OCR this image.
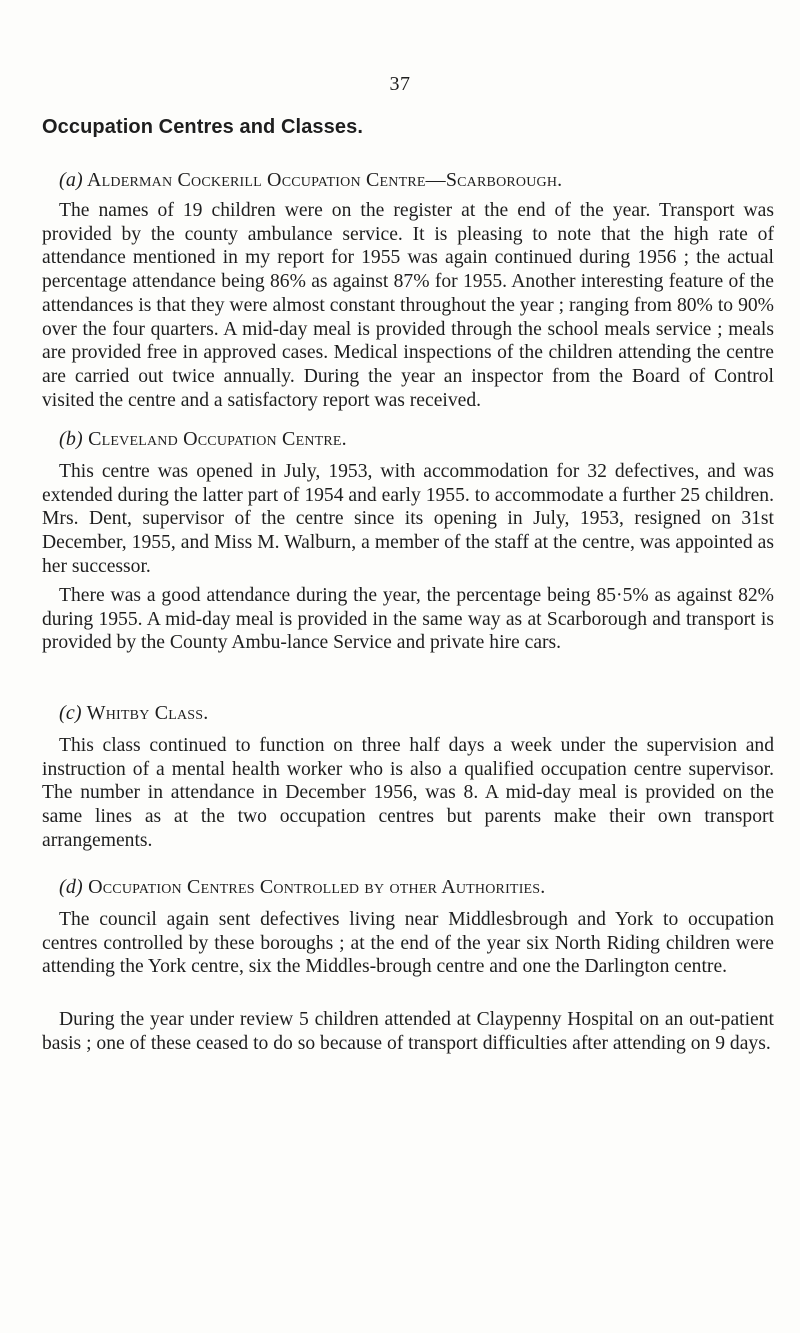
37
Occupation Centres and Classes.
(a) Alderman Cockerill Occupation Centre—Scarborough.

The names of 19 children were on the register at the end of the year. Transport was provided by the county ambulance service. It is pleasing to note that the high rate of attendance mentioned in my report for 1955 was again continued during 1956 ; the actual percentage attendance being 86% as against 87% for 1955. Another interesting feature of the attendances is that they were almost constant throughout the year ; ranging from 80% to 90% over the four quarters. A mid-day meal is provided through the school meals service ; meals are provided free in approved cases. Medical inspections of the children attending the centre are carried out twice annually. During the year an inspector from the Board of Control visited the centre and a satisfactory report was received.

(b) Cleveland Occupation Centre.

This centre was opened in July, 1953, with accommodation for 32 defectives, and was extended during the latter part of 1954 and early 1955. to accommodate a further 25 children. Mrs. Dent, supervisor of the centre since its opening in July, 1953, resigned on 31st December, 1955, and Miss M. Walburn, a member of the staff at the centre, was appointed as her successor.

There was a good attendance during the year, the percentage being 85·5% as against 82% during 1955. A mid-day meal is provided in the same way as at Scarborough and transport is provided by the County Ambu-lance Service and private hire cars.

(c) Whitby Class.

This class continued to function on three half days a week under the supervision and instruction of a mental health worker who is also a qualified occupation centre supervisor. The number in attendance in December 1956, was 8. A mid-day meal is provided on the same lines as at the two occupation centres but parents make their own transport arrangements.

(d) Occupation Centres Controlled by other Authorities.

The council again sent defectives living near Middlesbrough and York to occupation centres controlled by these boroughs ; at the end of the year six North Riding children were attending the York centre, six the Middles-brough centre and one the Darlington centre.

During the year under review 5 children attended at Claypenny Hospital on an out-patient basis ; one of these ceased to do so because of transport difficulties after attending on 9 days.
